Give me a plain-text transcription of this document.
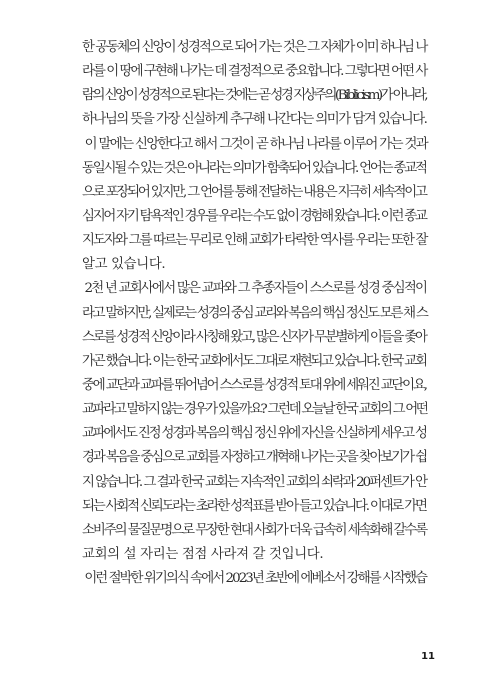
한 공동체의 신앙이 성경적으로 되어 가는 것은 그 자체가 이미 하나님 나
라를 이 땅에 구현해 나가는 데 결정적으로 중요합니다. 그렇다면 어떤 사
람의 신앙이 성경적으로 된다는 것에는 곧 성경 지상주의(Biblicism)가 아니라,
하나님의 뜻을 가장 신실하게 추구해 나간다는 의미가 담겨 있습니다.
이 말에는 신앙한다고 해서 그것이 곧 하나님 나라를 이루어 가는 것과
동일시될 수 있는 것은 아니라는 의미가 함축되어 있습니다. 언어는 종교적
으로 포장되어 있지만, 그 언어를 통해 전달하는 내용은 지극히 세속적이고
심지어 자기 탐욕적인 경우를 우리는 수도 없이 경험해 왔습니다. 이런 종교
지도자와 그를 따르는 무리로 인해 교회가 타락한 역사를 우리는 또한 잘
알고 있습니다.
2천 년 교회사에서 많은 교파와 그 추종자들이 스스로를 성경 중심적이
라고 말하지만, 실제로는 성경의 중심 교리와 복음의 핵심 정신도 모른 채 스
스로를 성경적 신앙이라 사칭해 왔고, 많은 신자가 무분별하게 이들을 좇아
가곤 했습니다. 이는 한국 교회에서도 그대로 재현되고 있습니다. 한국 교회
중에 교단과 교파를 뛰어넘어 스스로를 성경적 토대 위에 세워진 교단이요,
교파라고 말하지 않는 경우가 있을까요? 그런데 오늘날 한국 교회의 그 어떤
교파에서도 진정 성경과 복음의 핵심 정신 위에 자신을 신실하게 세우고 성
경과 복음을 중심으로 교회를 자정하고 개혁해 나가는 곳을 찾아보기가 쉽
지 않습니다. 그 결과 한국 교회는 지속적인 교회의 쇠락과 20퍼센트가 안
되는 사회적 신뢰도라는 초라한 성적표를 받아 들고 있습니다. 이대로 가면
소비주의 물질문명으로 무장한 현대 사회가 더욱 급속히 세속화해 갈수록
교회의 설 자리는 점점 사라져 갈 것입니다.
이런 절박한 위기의식 속에서 2023년 초반에 에베소서 강해를 시작했습
11
